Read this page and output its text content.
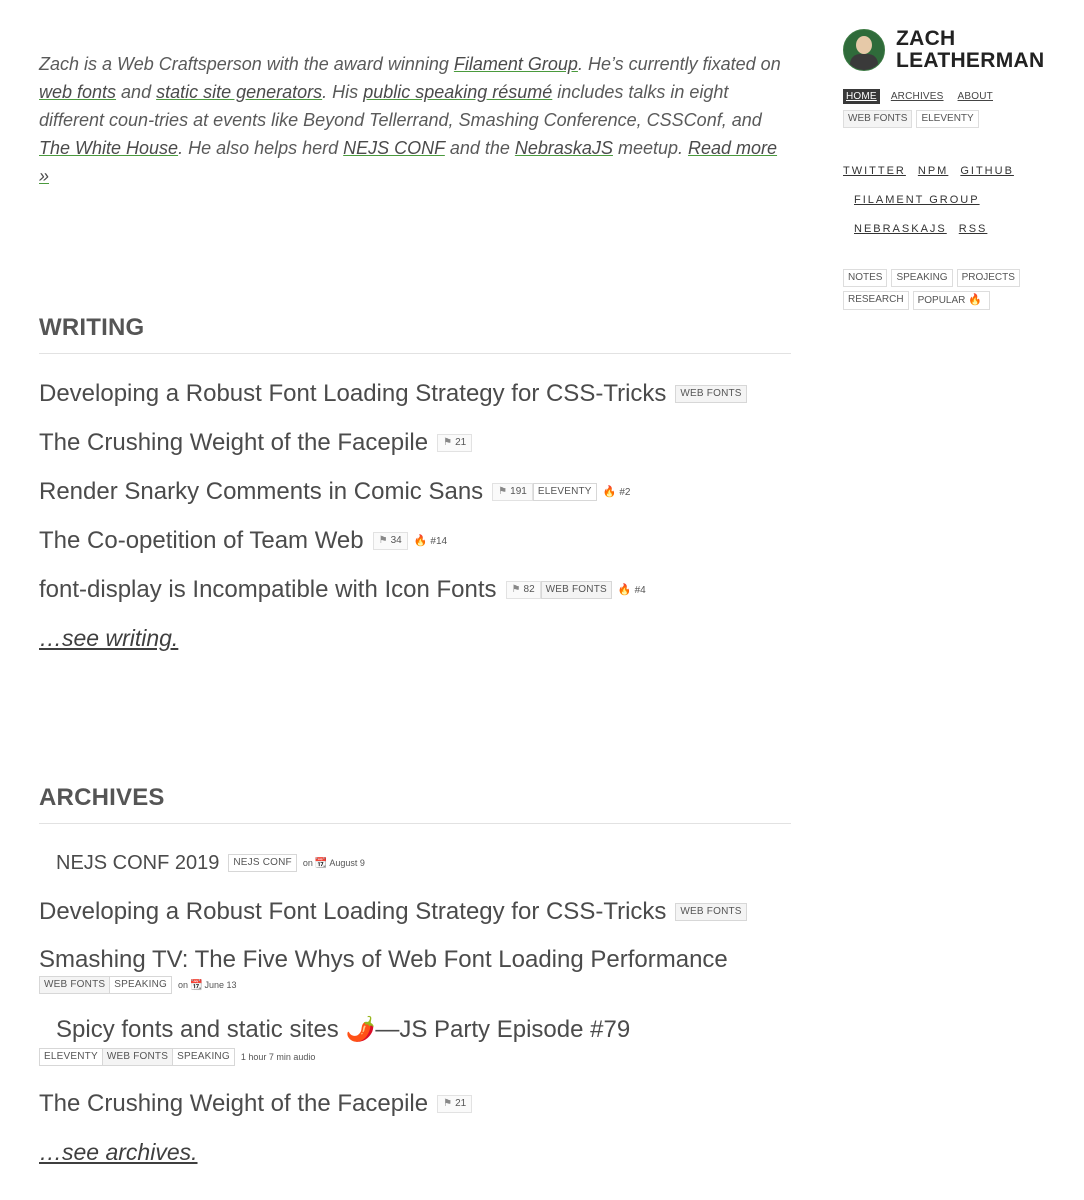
Zach is a Web Craftsperson with the award winning Filament Group. He’s currently fixated on web fonts and static site generators. His public speaking résumé includes talks in eight different coun-tries at events like Beyond Tellerrand, Smashing Conference, CSSConf, and The White House. He also helps herd NEJS CONF and the NebraskaJS meetup. Read more »

WRITING
Developing a Robust Font Loading Strategy for CSS-Tricks	WEB FONTS
The Crushing Weight of the Facepile	⚑ 21
Render Snarky Comments in Comic Sans	⚑ 191	ELEVENTY	🔥 #2
The Co-opetition of Team Web	⚑ 34	🔥 #14
font-display is Incompatible with Icon Fonts	⚑ 82	WEB FONTS	🔥 #4
…see writing.
ARCHIVES
NEJS CONF 2019	NEJS CONF	on 📆 August 9
Developing a Robust Font Loading Strategy for CSS-Tricks	WEB FONTS
Smashing TV: The Five Whys of Web Font Loading Performance
WEB FONTS SPEAKING	on 📆 June 13
Spicy fonts and static sites 🌶️—JS Party Episode #79
ELEVENTY WEB FONTS SPEAKING	1 hour 7 min audio
The Crushing Weight of the Facepile	⚑ 21
…see archives.
ZACH
LEATHERMAN
HOME	ARCHIVES	ABOUT
WEB FONTS	ELEVENTY
TWITTER NPM GITHUB
FILAMENT GROUP
NEBRASKAJS RSS
NOTES	SPEAKING	PROJECTS
RESEARCH	POPULAR 🔥
